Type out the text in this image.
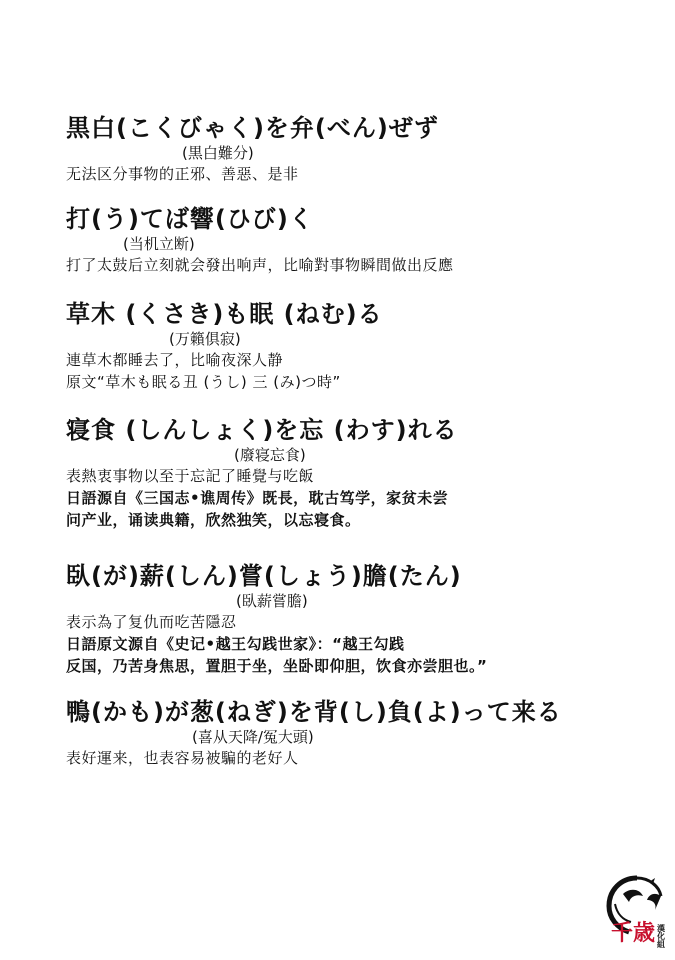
黒白(こくびゃく)を弁(べん)ぜず
(黒白難分)
无法区分事物的正邪、善惡、是非
打(う)てば響(ひび)く
(当机立断)
打了太鼓后立刻就会發出响声，比喻對事物瞬間做出反應
草木 (くさき)も眠 (ねむ)る
(万籟俱寂)
連草木都睡去了，比喻夜深人静
原文“草木も眠る丑 (うし) 三 (み)つ時”
寝食 (しんしょく)を忘 (わす)れる
(廢寝忘食)
表熱衷事物以至于忘記了睡覺与吃飯
日語源自《三国志•谯周传》既長，耽古笃学，家贫未尝
问产业，诵读典籍，欣然独笑，以忘寝食。
臥(が)薪(しん)嘗(しょう)膽(たん)
(臥薪嘗膽)
表示為了复仇而吃苦隱忍
日語原文源自《史记•越王勾践世家》：“越王勾践
反国，乃苦身焦思，置胆于坐，坐卧即仰胆，饮食亦尝胆也。”
鴨(かも)が葱(ねぎ)を背(し)負(よ)って来る
(喜从天降/冤大頭)
表好運来，也表容易被騙的老好人
千歳 漢化組
